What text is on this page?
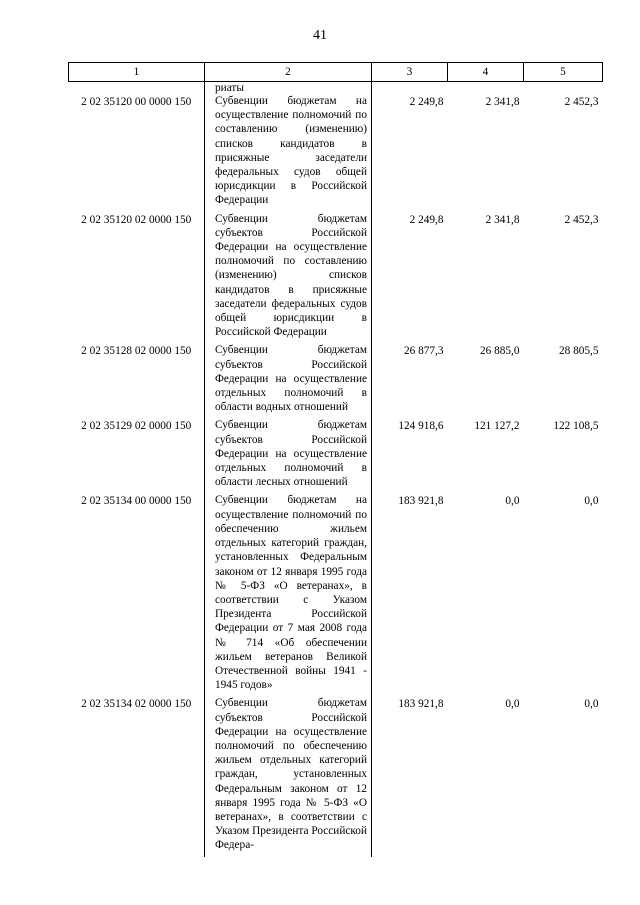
41
1	2	3	4	5
	риаты			
2 02 35120 00 0000 150	Субвенции бюджетам на осуществление полномочий по составлению (изменению) списков кандидатов в присяжные заседатели федеральных судов общей юрисдикции в Российской Федерации	2 249,8	2 341,8	2 452,3
2 02 35120 02 0000 150	Субвенции бюджетам субъектов Российской Федерации на осуществление полномочий по составлению (изменению) списков кандидатов в присяжные заседатели федеральных судов общей юрисдикции в Российской Федерации	2 249,8	2 341,8	2 452,3
2 02 35128 02 0000 150	Субвенции бюджетам субъектов Российской Федерации на осуществление отдельных полномочий в области водных отношений	26 877,3	26 885,0	28 805,5
2 02 35129 02 0000 150	Субвенции бюджетам субъектов Российской Федерации на осуществление отдельных полномочий в области лесных отношений	124 918,6	121 127,2	122 108,5
2 02 35134 00 0000 150	Субвенции бюджетам на осуществление полномочий по обеспечению жильем отдельных категорий граждан, установленных Федеральным законом от 12 января 1995 года № 5-ФЗ «О ветеранах», в соответствии с Указом Президента Российской Федерации от 7 мая 2008 года № 714 «Об обеспечении жильем ветеранов Великой Отечественной войны 1941 - 1945 годов»	183 921,8	0,0	0,0
2 02 35134 02 0000 150	Субвенции бюджетам субъектов Российской Федерации на осуществление полномочий по обеспечению жильем отдельных категорий граждан, установленных Федеральным законом от 12 января 1995 года № 5-ФЗ «О ветеранах», в соответствии с Указом Президента Российской Федера-	183 921,8	0,0	0,0
